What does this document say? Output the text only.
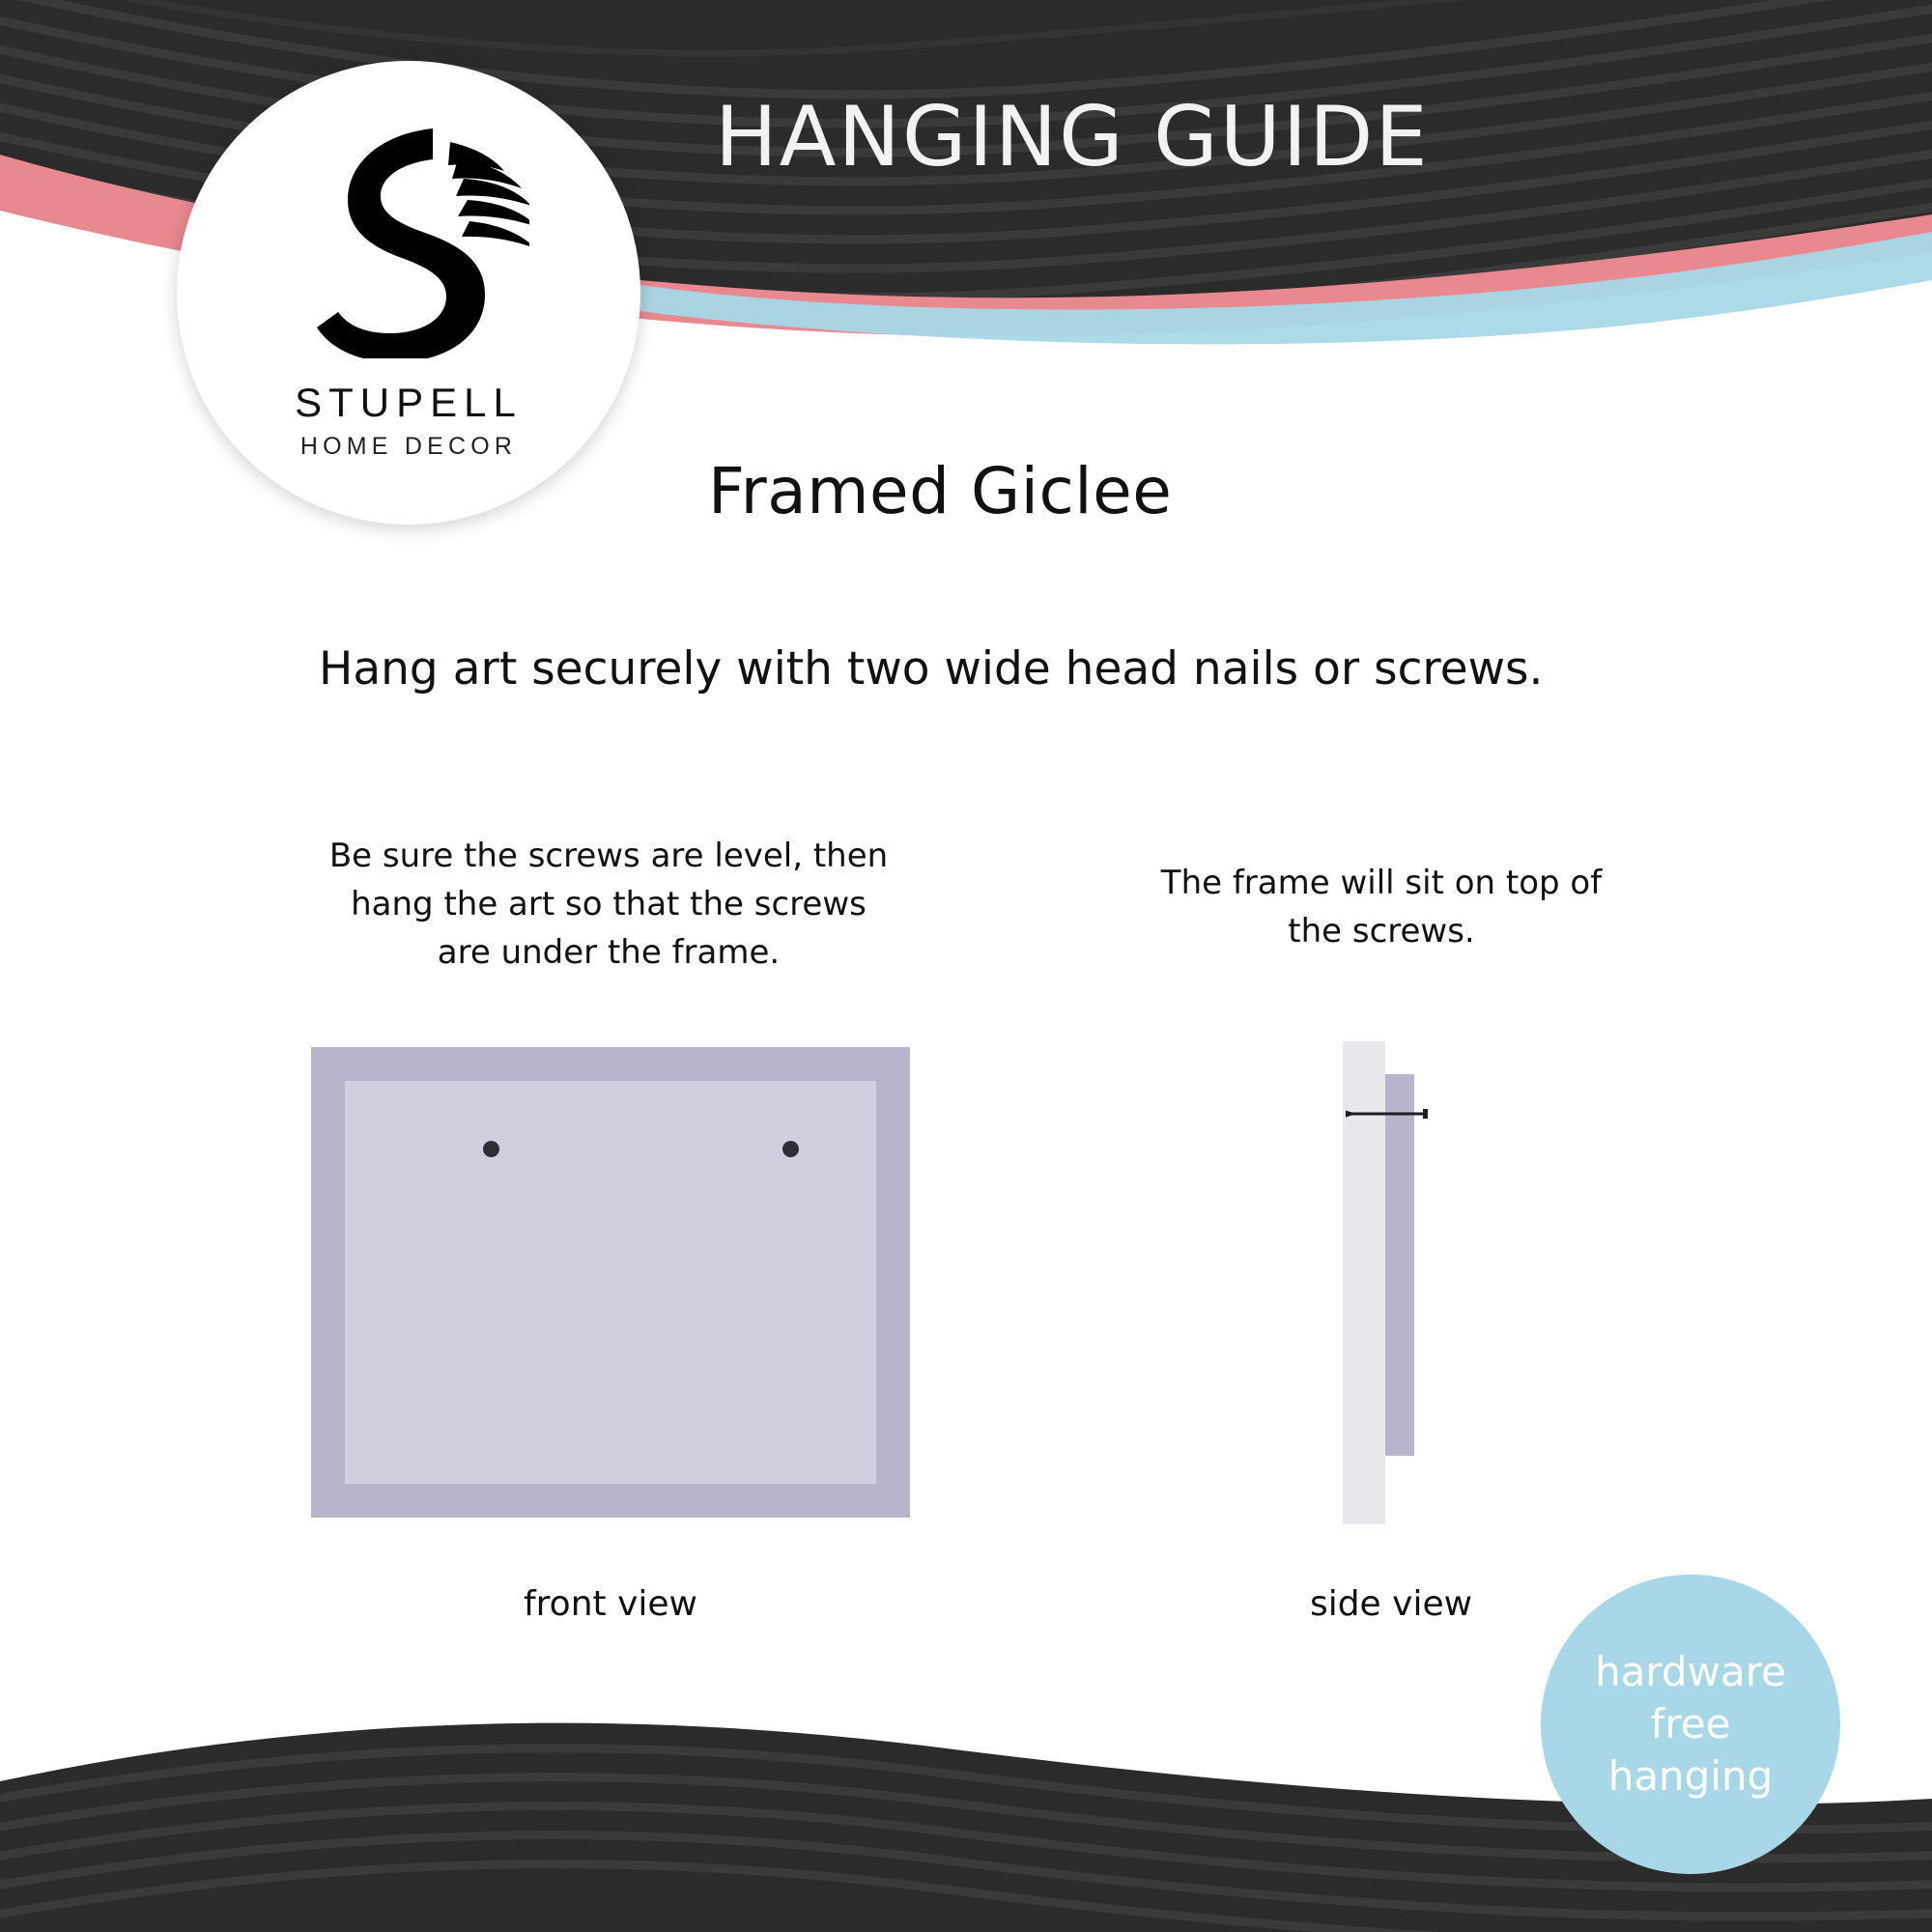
HANGING GUIDE
STUPELL
HOME DECOR
Framed Giclee
Hang art securely with two wide head nails or screws.
Be sure the screws are level, then hang the art so that the screws are under the frame.
The frame will sit on top of the screws.
front view	side view
hardware
free
hanging
